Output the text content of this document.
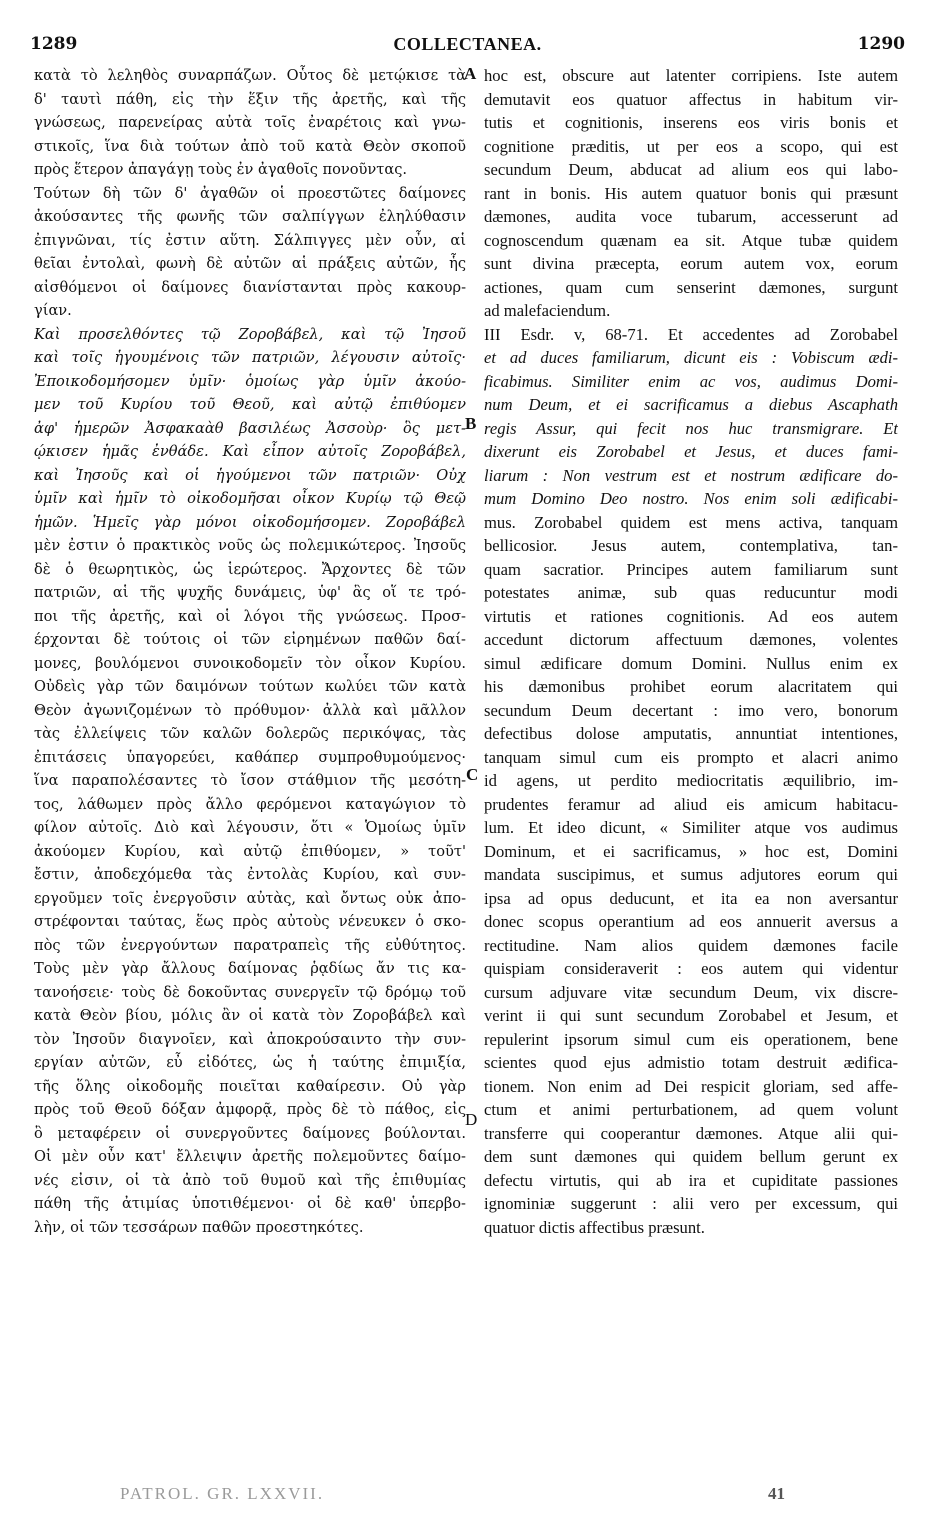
1289	COLLECTANEA.	1290
κατὰ τὸ λεληθὸς συναρπάζων. Οὗτος δὲ μετῴκισε τὰ
δ' ταυτὶ πάθη, εἰς τὴν ἕξιν τῆς ἀρετῆς, καὶ τῆς
γνώσεως, παρενείρας αὐτὰ τοῖς ἐναρέτοις καὶ γνω-
στικοῖς, ἵνα διὰ τούτων ἀπὸ τοῦ κατὰ Θεὸν σκοποῦ
πρὸς ἕτερον ἀπαγάγῃ τοὺς ἐν ἀγαθοῖς πονοῦντας.
Τούτων δὴ τῶν δ' ἀγαθῶν οἱ προεστῶτες δαίμονες
ἀκούσαντες τῆς φωνῆς τῶν σαλπίγγων ἐληλύθασιν
ἐπιγνῶναι, τίς ἐστιν αὕτη. Σάλπιγγες μὲν οὖν, αἱ
θεῖαι ἐντολαὶ, φωνὴ δὲ αὐτῶν αἱ πράξεις αὐτῶν, ἧς
αἰσθόμενοι οἱ δαίμονες διανίστανται πρὸς κακουρ-
γίαν.
Καὶ προσελθόντες τῷ Ζοροβάβελ, καὶ τῷ Ἰησοῦ
καὶ τοῖς ἡγουμένοις τῶν πατριῶν, λέγουσιν αὐτοῖς·
Ἐποικοδομήσομεν ὑμῖν· ὁμοίως γὰρ ὑμῖν ἀκούο-
μεν τοῦ Κυρίου τοῦ Θεοῦ, καὶ αὐτῷ ἐπιθύομεν
ἀφ' ἡμερῶν Ἀσφακαὰθ βασιλέως Ἀσσοὺρ· ὃς μετ-
ῴκισεν ἡμᾶς ἐνθάδε. Καὶ εἶπον αὐτοῖς Ζοροβάβελ,
καὶ Ἰησοῦς καὶ οἱ ἡγούμενοι τῶν πατριῶν· Οὐχ
ὑμῖν καὶ ἡμῖν τὸ οἰκοδομῆσαι οἶκον Κυρίῳ τῷ Θεῷ
ἡμῶν. Ἡμεῖς γὰρ μόνοι οἰκοδομήσομεν. Ζοροβάβελ
μὲν ἐστιν ὁ πρακτικὸς νοῦς ὡς πολεμικώτερος. Ἰησοῦς
δὲ ὁ θεωρητικὸς, ὡς ἱερώτερος. Ἄρχοντες δὲ τῶν
πατριῶν, αἱ τῆς ψυχῆς δυνάμεις, ὑφ' ἃς οἵ τε τρό-
ποι τῆς ἀρετῆς, καὶ οἱ λόγοι τῆς γνώσεως. Προσ-
έρχονται δὲ τούτοις οἱ τῶν εἰρημένων παθῶν δαί-
μονες, βουλόμενοι συνοικοδομεῖν τὸν οἶκον Κυρίου.
Οὐδεὶς γὰρ τῶν δαιμόνων τούτων κωλύει τῶν κατὰ
Θεὸν ἀγωνιζομένων τὸ πρόθυμον· ἀλλὰ καὶ μᾶλλον
τὰς ἐλλείψεις τῶν καλῶν δολερῶς περικόψας, τὰς
ἐπιτάσεις ὑπαγορεύει, καθάπερ συμπροθυμούμενος·
ἵνα παραπολέσαντες τὸ ἴσον στάθμιον τῆς μεσότη-
τος, λάθωμεν πρὸς ἄλλο φερόμενοι καταγώγιον τὸ
φίλον αὐτοῖς. Διὸ καὶ λέγουσιν, ὅτι « Ὁμοίως ὑμῖν
ἀκούομεν Κυρίου, καὶ αὐτῷ ἐπιθύομεν, » τοῦτ'
ἔστιν, ἀποδεχόμεθα τὰς ἐντολὰς Κυρίου, καὶ συν-
εργοῦμεν τοῖς ἐνεργοῦσιν αὐτὰς, καὶ ὄντως οὐκ ἀπο-
στρέφονται ταύτας, ἕως πρὸς αὐτοὺς νένευκεν ὁ σκο-
πὸς τῶν ἐνεργούντων παρατραπεὶς τῆς εὐθύτητος.
Τοὺς μὲν γὰρ ἄλλους δαίμονας ῥᾳδίως ἄν τις κα-
τανοήσειε· τοὺς δὲ δοκοῦντας συνεργεῖν τῷ δρόμῳ τοῦ
κατὰ Θεὸν βίου, μόλις ἂν οἱ κατὰ τὸν Ζοροβάβελ καὶ
τὸν Ἰησοῦν διαγνοῖεν, καὶ ἀποκρούσαιντο τὴν συν-
εργίαν αὐτῶν, εὖ εἰδότες, ὡς ἡ ταύτης ἐπιμιξία,
τῆς ὅλης οἰκοδομῆς ποιεῖται καθαίρεσιν. Οὐ γὰρ
πρὸς τοῦ Θεοῦ δόξαν ἀμφορᾷ, πρὸς δὲ τὸ πάθος, εἰς
ὃ μεταφέρειν οἱ συνεργοῦντες δαίμονες βούλονται.
Οἱ μὲν οὖν κατ' ἔλλειψιν ἀρετῆς πολεμοῦντες δαίμο-
νές εἰσιν, οἱ τὰ ἀπὸ τοῦ θυμοῦ καὶ τῆς ἐπιθυμίας
πάθη τῆς ἀτιμίας ὑποτιθέμενοι· οἱ δὲ καθ' ὑπερβο-
λὴν, οἱ τῶν τεσσάρων παθῶν προεστηκότες.
hoc est, obscure aut latenter corripiens. Iste autem
demutavit eos quatuor affectus in habitum vir-
tutis et cognitionis, inserens eos viris bonis et
cognitione præditis, ut per eos a scopo, qui est
secundum Deum, abducat ad alium eos qui labo-
rant in bonis. His autem quatuor bonis qui præsunt
dæmones, audita voce tubarum, accesserunt ad
cognoscendum quænam ea sit. Atque tubæ quidem
sunt divina præcepta, eorum autem vox, eorum
actiones, quam cum senserint dæmones, surgunt
ad malefaciendum.
III Esdr. v, 68-71. Et accedentes ad Zorobabel
et ad duces familiarum, dicunt eis : Vobiscum ædi-
ficabimus. Similiter enim ac vos, audimus Domi-
num Deum, et ei sacrificamus a diebus Ascaphath
regis Assur, qui fecit nos huc transmigrare. Et
dixerunt eis Zorobabel et Jesus, et duces fami-
liarum : Non vestrum est et nostrum ædificare do-
mum Domino Deo nostro. Nos enim soli ædificabi-
mus. Zorobabel quidem est mens activa, tanquam
bellicosior. Jesus autem, contemplativa, tan-
quam sacratior. Principes autem familiarum sunt
potestates animæ, sub quas reducuntur modi
virtutis et rationes cognitionis. Ad eos autem
accedunt dictorum affectuum dæmones, volentes
simul ædificare domum Domini. Nullus enim ex
his dæmonibus prohibet eorum alacritatem qui
secundum Deum decertant : imo vero, bonorum
defectibus dolose amputatis, annuntiat intentiones,
tanquam simul cum eis prompto et alacri animo
id agens, ut perdito mediocritatis æquilibrio, im-
prudentes feramur ad aliud eis amicum habitacu-
lum. Et ideo dicunt, « Similiter atque vos audimus
Dominum, et ei sacrificamus, » hoc est, Domini
mandata suscipimus, et sumus adjutores eorum qui
ipsa ad opus deducunt, et ita ea non aversantur
donec scopus operantium ad eos annuerit aversus a
rectitudine. Nam alios quidem dæmones facile
quispiam consideraverit : eos autem qui videntur
cursum adjuvare vitæ secundum Deum, vix discre-
verint ii qui sunt secundum Zorobabel et Jesum, et
repulerint ipsorum simul cum eis operationem, bene
scientes quod ejus admistio totam destruit ædifica-
tionem. Non enim ad Dei respicit gloriam, sed affe-
ctum et animi perturbationem, ad quem volunt
transferre qui cooperantur dæmones. Atque alii qui-
dem sunt dæmones qui quidem bellum gerunt ex
defectu virtutis, qui ab ira et cupiditate passiones
ignominiæ suggerunt : alii vero per excessum, qui
quatuor dictis affectibus præsunt.
A
B
C
D
PATROL. GR. LXXVII.	41
